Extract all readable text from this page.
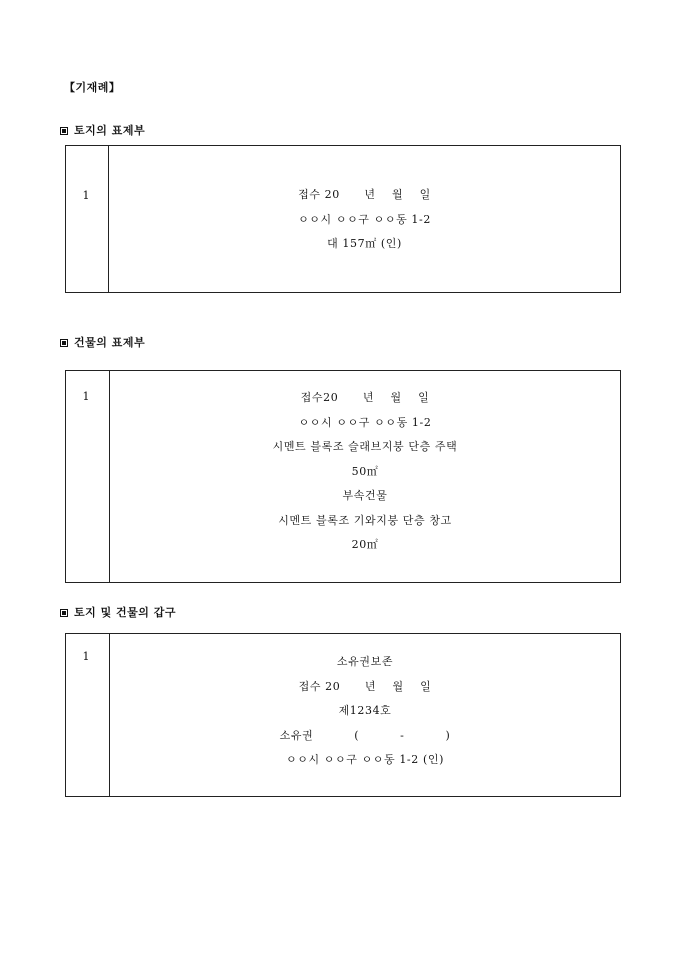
【기재례】
토지의 표제부
1	접수 20      년    월    일
ㅇㅇ시 ㅇㅇ구 ㅇㅇ동 1-2
대 157㎡ (인)
건물의 표제부
1	접수20      년    월    일
ㅇㅇ시 ㅇㅇ구 ㅇㅇ동 1-2
시멘트 블록조 슬래브지붕 단층 주택
50㎡
부속건물
시멘트 블록조 기와지붕 단층 창고
20㎡
토지 및 건물의 갑구
1	소유권보존
접수 20      년    월    일
제1234호
소유권          (          -          )
ㅇㅇ시 ㅇㅇ구 ㅇㅇ동 1-2 (인)
